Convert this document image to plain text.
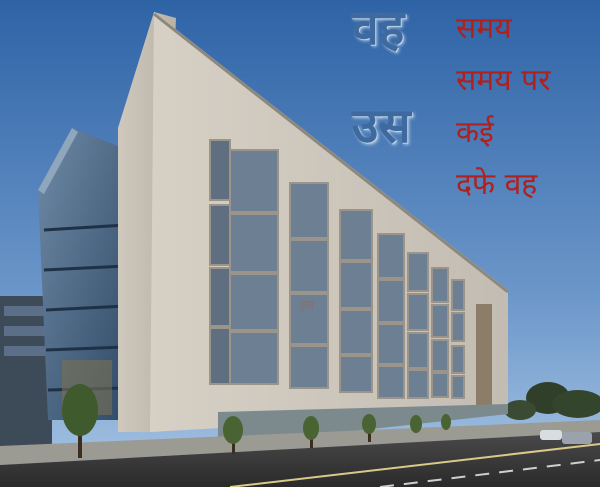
वह
उस
समय
समय पर
कई
दफे वह
इस
